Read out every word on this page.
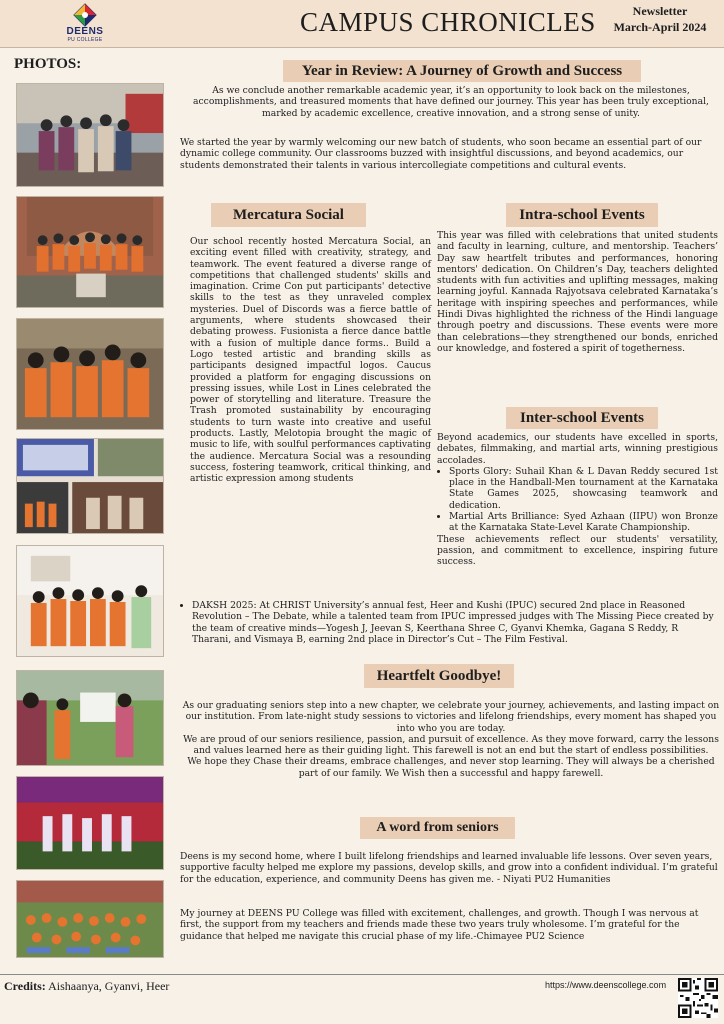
DEENS
PU COLLEGE
CAMPUS CHRONICLES	Newsletter
March-April 2024
PHOTOS:	Year in Review: A Journey of Growth and Success
As we conclude another remarkable academic year, it’s an opportunity to look back on the milestones, accomplishments, and treasured moments that have defined our journey. This year has been truly exceptional, marked by academic excellence, creative innovation, and a strong sense of unity.
We started the year by warmly welcoming our new batch of students, who soon became an essential part of our dynamic college community. Our classrooms buzzed with insightful discussions, and beyond academics, our students demonstrated their talents in various intercollegiate competitions and cultural events.
Mercatura Social
Our school recently hosted Mercatura Social, an exciting event filled with creativity, strategy, and teamwork. The event featured a diverse range of competitions that challenged students' skills and imagination. Crime Con put participants' detective skills to the test as they unraveled complex mysteries. Duel of Discords was a fierce battle of arguments, where students showcased their debating prowess. Fusionista a fierce dance battle with a fusion of multiple dance forms.. Build a Logo tested artistic and branding skills as participants designed impactful logos. Caucus provided a platform for engaging discussions on pressing issues, while Lost in Lines celebrated the power of storytelling and literature. Treasure the Trash promoted sustainability by encouraging students to turn waste into creative and useful products. Lastly, Melotopia brought the magic of music to life, with soulful performances captivating the audience. Mercatura Social was a resounding success, fostering teamwork, critical thinking, and artistic expression among students
Intra-school Events
This year was filled with celebrations that united students and faculty in learning, culture, and mentorship. Teachers’ Day saw heartfelt tributes and performances, honoring mentors' dedication. On Children’s Day, teachers delighted students with fun activities and uplifting messages, making learning joyful. Kannada Rajyotsava celebrated Karnataka’s heritage with inspiring speeches and performances, while Hindi Divas highlighted the richness of the Hindi language through poetry and discussions. These events were more than celebrations—they strengthened our bonds, enriched our knowledge, and fostered a spirit of togetherness.
Inter-school Events

Beyond academics, our students have excelled in sports, debates, filmmaking, and martial arts, winning prestigious accolades.

• Sports Glory: Suhail Khan & L Davan Reddy secured 1st place in the Handball-Men tournament at the Karnataka State Games 2025, showcasing teamwork and dedication.
• Martial Arts Brilliance: Syed Azhaan (IIPU) won Bronze at the Karnataka State-Level Karate Championship.

These achievements reflect our students' versatility, passion, and commitment to excellence, inspiring future success.

• DAKSH 2025: At CHRIST University’s annual fest, Heer and Kushi (IPUC) secured 2nd place in Reasoned Revolution – The Debate, while a talented team from IPUC impressed judges with The Missing Piece created by the team of creative minds—Yogesh J, Jeevan S, Keerthana Shree C, Gyanvi Khemka, Gagana S Reddy, R Tharani, and Vismaya B, earning 2nd place in Director’s Cut – The Film Festival.
Heartfelt Goodbye!

As our graduating seniors step into a new chapter, we celebrate your journey, achievements, and lasting impact on our institution. From late-night study sessions to victories and lifelong friendships, every moment has shaped you into who you are today.

We are proud of our seniors resilience, passion, and pursuit of excellence. As they move forward, carry the lessons and values learned here as their guiding light. This farewell is not an end but the start of endless possibilities.

We hope they Chase their dreams, embrace challenges, and never stop learning. They will always be a cherished part of our family. We Wish then a successful and happy farewell.

A word from seniors
Deens is my second home, where I built lifelong friendships and learned invaluable life lessons. Over seven years, supportive faculty helped me explore my passions, develop skills, and grow into a confident individual. I’m grateful for the education, experience, and community Deens has given me. - Niyati PU2 Humanities
My journey at DEENS PU College was filled with excitement, challenges, and growth. Though I was nervous at first, the support from my teachers and friends made these two years truly wholesome. I’m grateful for the guidance that helped me navigate this crucial phase of my life.-Chimayee PU2 Science
Credits: Aishaanya, Gyanvi, Heer	https://www.deenscollege.com
